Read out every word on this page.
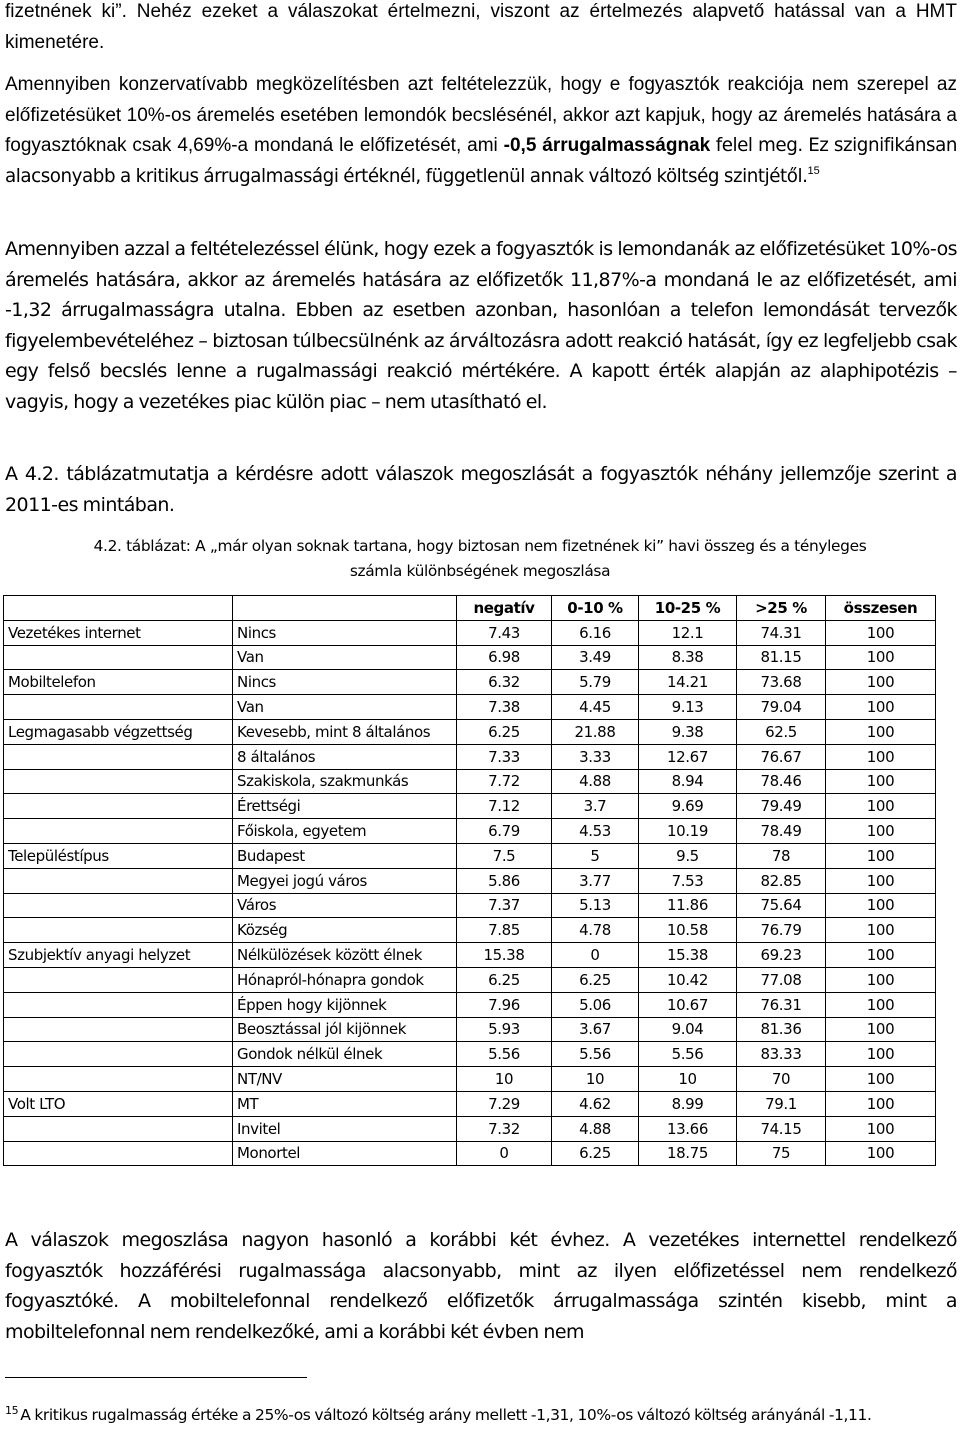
fizetnének ki”. Nehéz ezeket a válaszokat értelmezni, viszont az értelmezés alapvető hatással van a HMT kimenetére.

Amennyiben konzervatívabb megközelítésben azt feltételezzük, hogy e fogyasztók reakciója nem szerepel az előfizetésüket 10%-os áremelés esetében lemondók becslésénél, akkor azt kapjuk, hogy az áremelés hatására a fogyasztóknak csak 4,69%-a mondaná le előfizetését, ami -0,5 árrugalmasságnak felel meg. Ez szignifikánsan alacsonyabb a kritikus árrugalmassági értéknél, függetlenül annak változó költség szintjétől.$^{15}$

Amennyiben azzal a feltételezéssel élünk, hogy ezek a fogyasztók is lemondanák az előfizetésüket 10%-os áremelés hatására, akkor az áremelés hatására az előfizetők 11,87%-a mondaná le az előfizetését, ami -1,32 árrugalmasságra utalna. Ebben az esetben azonban, hasonlóan a telefon lemondását tervezők figyelembevételéhez – biztosan túlbecsülnénk az árváltozásra adott reakció hatását, így ez legfeljebb csak egy felső becslés lenne a rugalmassági reakció mértékére. A kapott érték alapján az alaphipotézis – vagyis, hogy a vezetékes piac külön piac – nem utasítható el.

A 4.2. táblázatmutatja a kérdésre adott válaszok megoszlását a fogyasztók néhány jellemzője szerint a 2011-es mintában.

4.2. táblázat: A „már olyan soknak tartana, hogy biztosan nem fizetnének ki” havi összeg és a tényleges
számla különbségének megoszlása
		negatív	0-10 %	10-25 %	>25 %	összesen
Vezetékes internet	Nincs	7.43	6.16	12.1	74.31	100
	Van	6.98	3.49	8.38	81.15	100
Mobiltelefon	Nincs	6.32	5.79	14.21	73.68	100
	Van	7.38	4.45	9.13	79.04	100
Legmagasabb végzettség	Kevesebb, mint 8 általános	6.25	21.88	9.38	62.5	100
	8 általános	7.33	3.33	12.67	76.67	100
	Szakiskola, szakmunkás	7.72	4.88	8.94	78.46	100
	Érettségi	7.12	3.7	9.69	79.49	100
	Főiskola, egyetem	6.79	4.53	10.19	78.49	100
Településtípus	Budapest	7.5	5	9.5	78	100
	Megyei jogú város	5.86	3.77	7.53	82.85	100
	Város	7.37	5.13	11.86	75.64	100
	Község	7.85	4.78	10.58	76.79	100
Szubjektív anyagi helyzet	Nélkülözések között élnek	15.38	0	15.38	69.23	100
	Hónapról-hónapra gondok	6.25	6.25	10.42	77.08	100
	Éppen hogy kijönnek	7.96	5.06	10.67	76.31	100
	Beosztással jól kijönnek	5.93	3.67	9.04	81.36	100
	Gondok nélkül élnek	5.56	5.56	5.56	83.33	100
	NT/NV	10	10	10	70	100
Volt LTO	MT	7.29	4.62	8.99	79.1	100
	Invitel	7.32	4.88	13.66	74.15	100
	Monortel	0	6.25	18.75	75	100

A válaszok megoszlása nagyon hasonló a korábbi két évhez. A vezetékes internettel rendelkező fogyasztók hozzáférési rugalmassága alacsonyabb, mint az ilyen előfizetéssel nem rendelkező fogyasztóké. A mobiltelefonnal rendelkező előfizetők árrugalmassága szintén kisebb, mint a mobiltelefonnal nem rendelkezőké, ami a korábbi két évben nem

$^{15}$ A kritikus rugalmasság értéke a 25%-os változó költség arány mellett -1,31, 10%-os változó költség arányánál -1,11.
